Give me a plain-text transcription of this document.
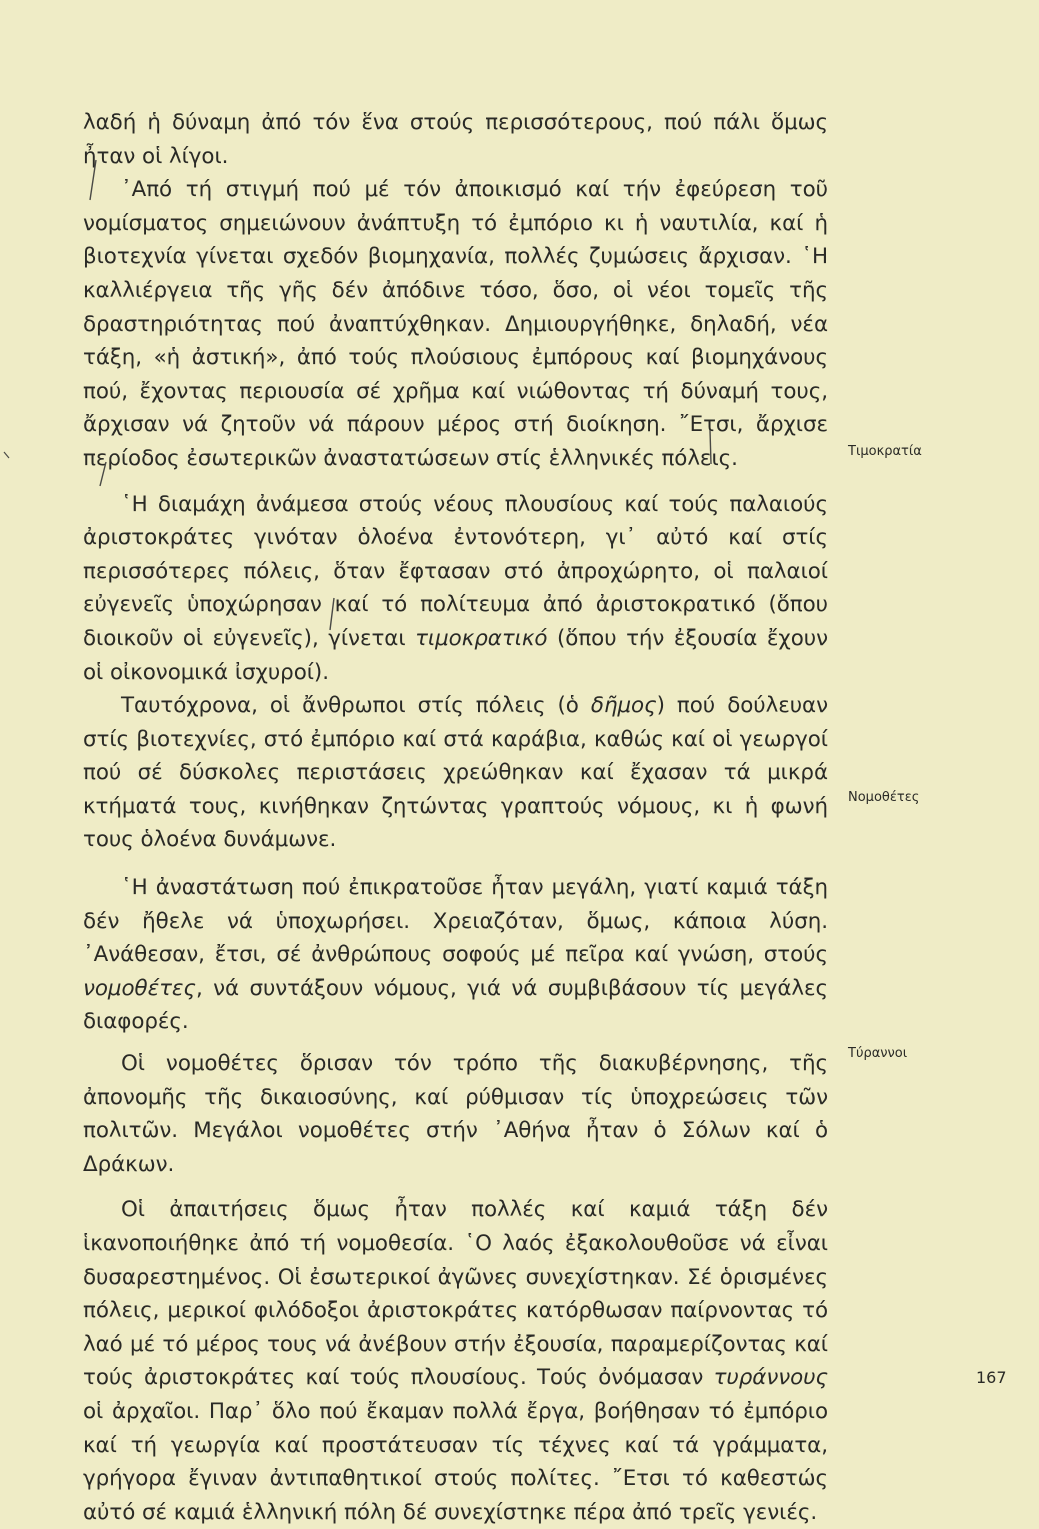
λαδή ἡ δύναμη ἀπό τόν ἕνα στούς περισσότερους, πού πάλι ὅμως ἦταν οἱ λίγοι.

᾿Από τή στιγμή πού μέ τόν ἀποικισμό καί τήν ἐφεύρεση τοῦ νομίσματος σημειώνουν ἀνάπτυξη τό ἐμπόριο κι ἡ ναυτιλία, καί ἡ βιοτεχνία γίνεται σχεδόν βιομηχανία, πολλές ζυμώσεις ἄρχισαν. ῾Η καλλιέργεια τῆς γῆς δέν ἀπόδινε τόσο, ὅσο, οἱ νέοι τομεῖς τῆς δραστηριότητας πού ἀναπτύχθηκαν. Δημιουργήθηκε, δηλαδή, νέα τάξη, «ἡ ἀστική», ἀπό τούς πλούσιους ἐμπόρους καί βιομηχάνους πού, ἔχοντας περιουσία σέ χρῆμα καί νιώθοντας τή δύναμή τους, ἄρχισαν νά ζητοῦν νά πάρουν μέρος στή διοίκηση. ῎Ετσι, ἄρχισε περίοδος ἐσωτερικῶν ἀναστατώσεων στίς ἑλληνικές πόλεις.

῾Η διαμάχη ἀνάμεσα στούς νέους πλουσίους καί τούς παλαιούς ἀριστοκράτες γινόταν ὁλοένα ἐντονότερη, γι᾿ αὐτό καί στίς περισσότερες πόλεις, ὅταν ἔφτασαν στό ἀπροχώρητο, οἱ παλαιοί εὐγενεῖς ὑποχώρησαν καί τό πολίτευμα ἀπό ἀριστοκρατικό (ὅπου διοικοῦν οἱ εὐγενεῖς), γίνεται τιμοκρατικό (ὅπου τήν ἐξουσία ἔχουν οἱ οἰκονομικά ἰσχυροί).

Ταυτόχρονα, οἱ ἄνθρωποι στίς πόλεις (ὁ δῆμος) πού δούλευαν στίς βιοτεχνίες, στό ἐμπόριο καί στά καράβια, καθώς καί οἱ γεωργοί πού σέ δύσκολες περιστάσεις χρεώθηκαν καί ἔχασαν τά μικρά κτήματά τους, κινήθηκαν ζητώντας γραπτούς νόμους, κι ἡ φωνή τους ὁλοένα δυνάμωνε.

῾Η ἀναστάτωση πού ἐπικρατοῦσε ἦταν μεγάλη, γιατί καμιά τάξη δέν ἤθελε νά ὑποχωρήσει. Χρειαζόταν, ὅμως, κάποια λύση. ᾿Ανάθεσαν, ἔτσι, σέ ἀνθρώπους σοφούς μέ πεῖρα καί γνώση, στούς νομοθέτες, νά συντάξουν νόμους, γιά νά συμβιβάσουν τίς μεγάλες διαφορές.

Οἱ νομοθέτες ὅρισαν τόν τρόπο τῆς διακυβέρνησης, τῆς ἀπονομῆς τῆς δικαιοσύνης, καί ρύθμισαν τίς ὑποχρεώσεις τῶν πολιτῶν. Μεγάλοι νομοθέτες στήν ᾿Αθήνα ἦταν ὁ Σόλων καί ὁ Δράκων.

Οἱ ἀπαιτήσεις ὅμως ἦταν πολλές καί καμιά τάξη δέν ἱκανοποιήθηκε ἀπό τή νομοθεσία. ῾Ο λαός ἐξακολουθοῦσε νά εἶναι δυσαρεστημένος. Οἱ ἐσωτερικοί ἀγῶνες συνεχίστηκαν. Σέ ὁρισμένες πόλεις, μερικοί φιλόδοξοι ἀριστοκράτες κατόρθωσαν παίρνοντας τό λαό μέ τό μέρος τους νά ἀνέβουν στήν ἐξουσία, παραμερίζοντας καί τούς ἀριστοκράτες καί τούς πλουσίους. Τούς ὀνόμασαν τυράννους οἱ ἀρχαῖοι. Παρ᾿ ὅλο πού ἔκαμαν πολλά ἔργα, βοήθησαν τό ἐμπόριο καί τή γεωργία καί προστάτευσαν τίς τέχνες καί τά γράμματα, γρήγορα ἔγιναν ἀντιπαθητικοί στούς πολίτες. ῎Ετσι τό καθεστώς αὐτό σέ καμιά ἑλληνική πόλη δέ συνεχίστηκε πέρα ἀπό τρεῖς γενιές.

Τιμοκρατία
Νομοθέτες
Τύραννοι
167
